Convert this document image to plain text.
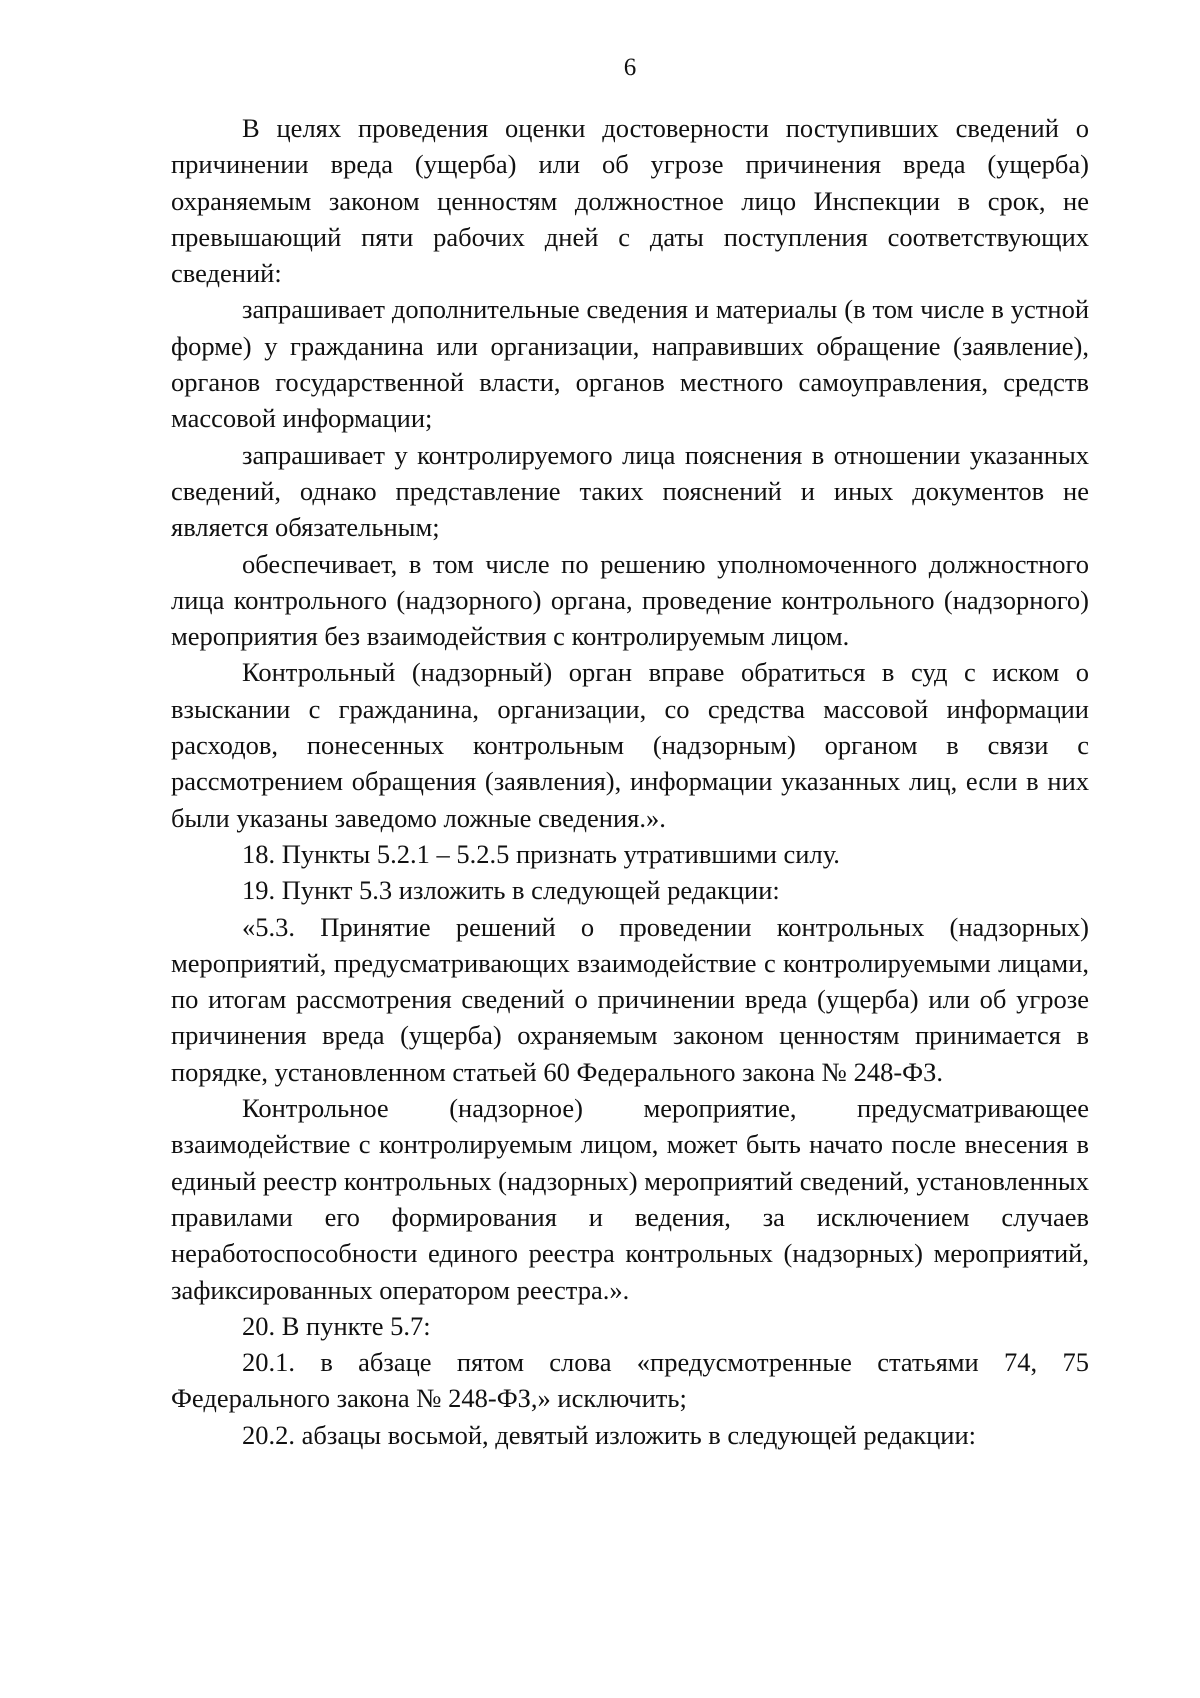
6

В целях проведения оценки достоверности поступивших сведений о причинении вреда (ущерба) или об угрозе причинения вреда (ущерба) охраняемым законом ценностям должностное лицо Инспекции в срок, не превышающий пяти рабочих дней с даты поступления соответствующих сведений:

запрашивает дополнительные сведения и материалы (в том числе в устной форме) у гражданина или организации, направивших обращение (заявление), органов государственной власти, органов местного самоуправления, средств массовой информации;

запрашивает у контролируемого лица пояснения в отношении указанных сведений, однако представление таких пояснений и иных документов не является обязательным;

обеспечивает, в том числе по решению уполномоченного должностного лица контрольного (надзорного) органа, проведение контрольного (надзорного) мероприятия без взаимодействия с контролируемым лицом.

Контрольный (надзорный) орган вправе обратиться в суд с иском о взыскании с гражданина, организации, со средства массовой информации расходов, понесенных контрольным (надзорным) органом в связи с рассмотрением обращения (заявления), информации указанных лиц, если в них были указаны заведомо ложные сведения.».

18. Пункты 5.2.1 – 5.2.5 признать утратившими силу.

19. Пункт 5.3 изложить в следующей редакции:

«5.3. Принятие решений о проведении контрольных (надзорных) мероприятий, предусматривающих взаимодействие с контролируемыми лицами, по итогам рассмотрения сведений о причинении вреда (ущерба) или об угрозе причинения вреда (ущерба) охраняемым законом ценностям принимается в порядке, установленном статьей 60 Федерального закона № 248-ФЗ.

Контрольное (надзорное) мероприятие, предусматривающее взаимодействие с контролируемым лицом, может быть начато после внесения в единый реестр контрольных (надзорных) мероприятий сведений, установленных правилами его формирования и ведения, за исключением случаев неработоспособности единого реестра контрольных (надзорных) мероприятий, зафиксированных оператором реестра.».

20. В пункте 5.7:

20.1. в абзаце пятом слова «предусмотренные статьями 74, 75 Федерального закона № 248-ФЗ,» исключить;

20.2. абзацы восьмой, девятый изложить в следующей редакции:
